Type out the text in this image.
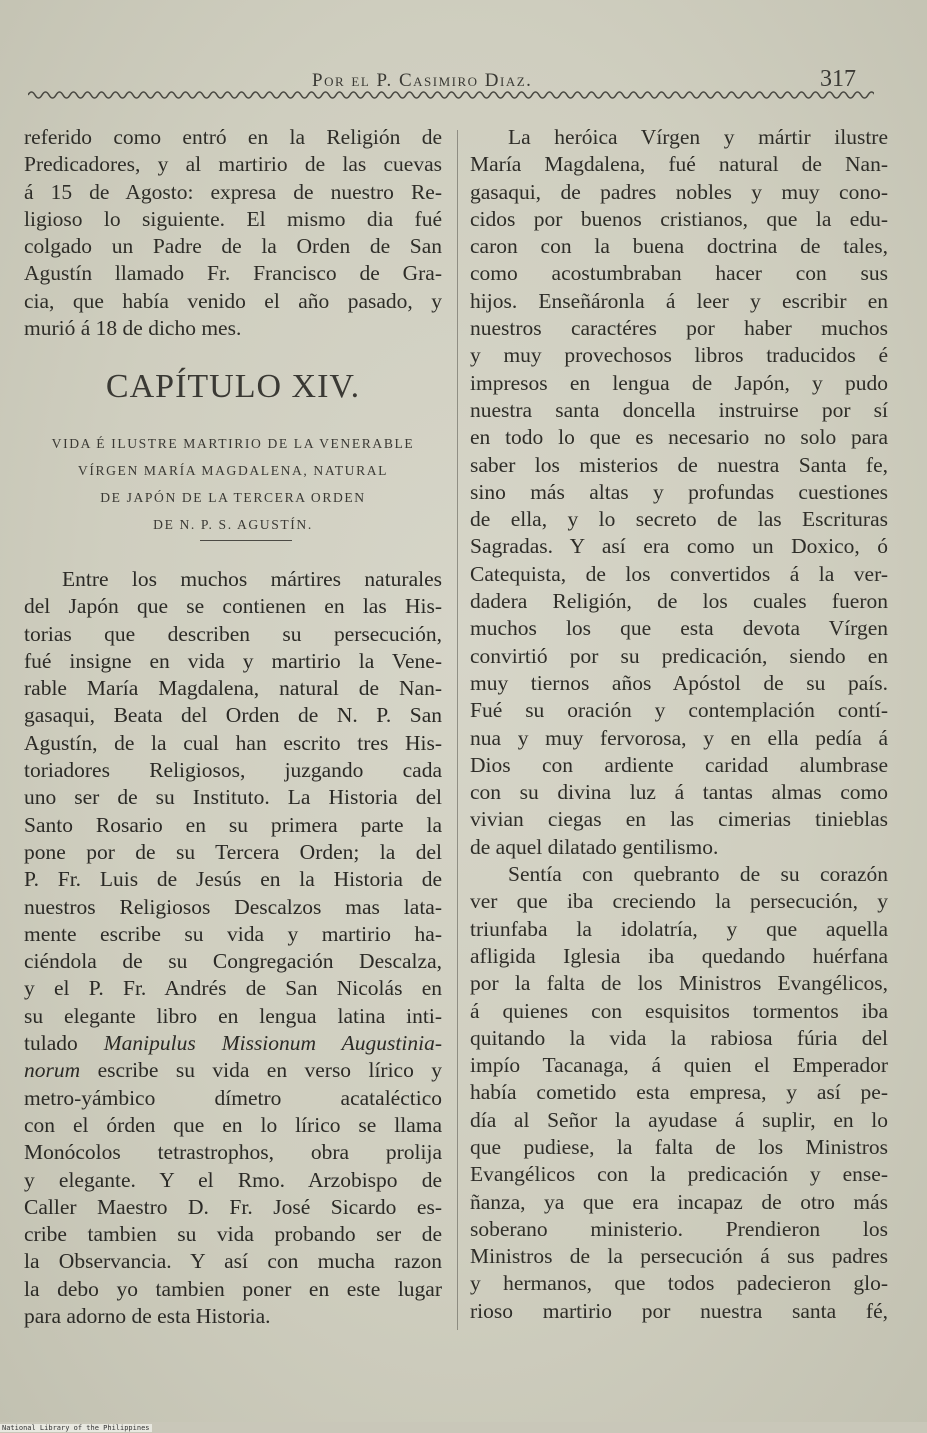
Por el P. Casimiro Diaz.	317
referido como entró en la Religión de
Predicadores, y al martirio de las cuevas
á 15 de Agosto: expresa de nuestro Re-
ligioso lo siguiente. El mismo dia fué
colgado un Padre de la Orden de San
Agustín llamado Fr. Francisco de Gra-
cia, que había venido el año pasado, y
murió á 18 de dicho mes.
CAPÍTULO XIV.
VIDA É ILUSTRE MARTIRIO DE LA VENERABLE
VÍRGEN MARÍA MAGDALENA, NATURAL
DE JAPÓN DE LA TERCERA ORDEN
DE N. P. S. AGUSTÍN.
Entre los muchos mártires naturales
del Japón que se contienen en las His-
torias que describen su persecución,
fué insigne en vida y martirio la Vene-
rable María Magdalena, natural de Nan-
gasaqui, Beata del Orden de N. P. San
Agustín, de la cual han escrito tres His-
toriadores Religiosos, juzgando cada
uno ser de su Instituto. La Historia del
Santo Rosario en su primera parte la
pone por de su Tercera Orden; la del
P. Fr. Luis de Jesús en la Historia de
nuestros Religiosos Descalzos mas lata-
mente escribe su vida y martirio ha-
ciéndola de su Congregación Descalza,
y el P. Fr. Andrés de San Nicolás en
su elegante libro en lengua latina inti-
tulado Manipulus Missionum Augustinia-
norum escribe su vida en verso lírico y
metro-yámbico dímetro acataléctico
con el órden que en lo lírico se llama
Monócolos tetrastrophos, obra prolija
y elegante. Y el Rmo. Arzobispo de
Caller Maestro D. Fr. José Sicardo es-
cribe tambien su vida probando ser de
la Observancia. Y así con mucha razon
la debo yo tambien poner en este lugar
para adorno de esta Historia.
La heróica Vírgen y mártir ilustre
María Magdalena, fué natural de Nan-
gasaqui, de padres nobles y muy cono-
cidos por buenos cristianos, que la edu-
caron con la buena doctrina de tales,
como acostumbraban hacer con sus
hijos. Enseñáronla á leer y escribir en
nuestros caractéres por haber muchos
y muy provechosos libros traducidos é
impresos en lengua de Japón, y pudo
nuestra santa doncella instruirse por sí
en todo lo que es necesario no solo para
saber los misterios de nuestra Santa fe,
sino más altas y profundas cuestiones
de ella, y lo secreto de las Escrituras
Sagradas. Y así era como un Doxico, ó
Catequista, de los convertidos á la ver-
dadera Religión, de los cuales fueron
muchos los que esta devota Vírgen
convirtió por su predicación, siendo en
muy tiernos años Apóstol de su país.
Fué su oración y contemplación contí-
nua y muy fervorosa, y en ella pedía á
Dios con ardiente caridad alumbrase
con su divina luz á tantas almas como
vivian ciegas en las cimerias tinieblas
de aquel dilatado gentilismo.
Sentía con quebranto de su corazón
ver que iba creciendo la persecución, y
triunfaba la idolatría, y que aquella
afligida Iglesia iba quedando huérfana
por la falta de los Ministros Evangélicos,
á quienes con esquisitos tormentos iba
quitando la vida la rabiosa fúria del
impío Tacanaga, á quien el Emperador
había cometido esta empresa, y así pe-
día al Señor la ayudase á suplir, en lo
que pudiese, la falta de los Ministros
Evangélicos con la predicación y ense-
ñanza, ya que era incapaz de otro más
soberano ministerio. Prendieron los
Ministros de la persecución á sus padres
y hermanos, que todos padecieron glo-
rioso martirio por nuestra santa fé,
National Library of the Philippines
